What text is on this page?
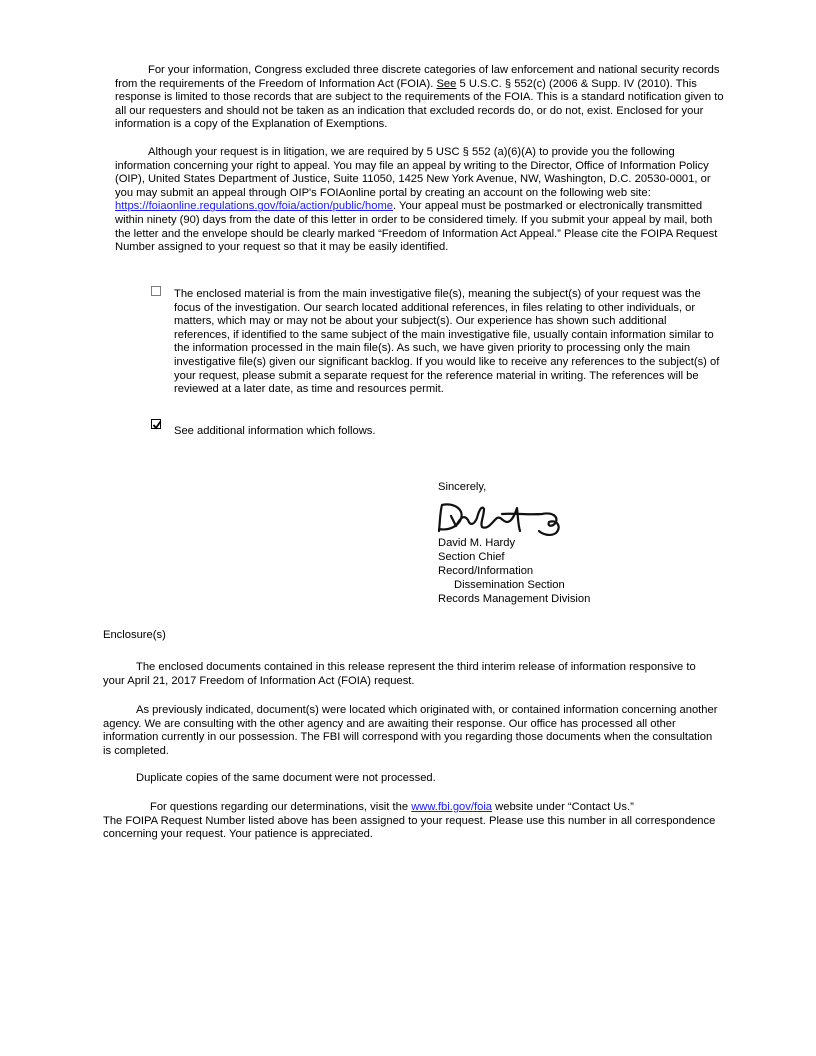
For your information, Congress excluded three discrete categories of law enforcement and national security records from the requirements of the Freedom of Information Act (FOIA). See 5 U.S.C. § 552(c) (2006 & Supp. IV (2010). This response is limited to those records that are subject to the requirements of the FOIA. This is a standard notification given to all our requesters and should not be taken as an indication that excluded records do, or do not, exist. Enclosed for your information is a copy of the Explanation of Exemptions.

Although your request is in litigation, we are required by 5 USC § 552 (a)(6)(A) to provide you the following information concerning your right to appeal. You may file an appeal by writing to the Director, Office of Information Policy (OIP), United States Department of Justice, Suite 11050, 1425 New York Avenue, NW, Washington, D.C. 20530-0001, or you may submit an appeal through OIP's FOIAonline portal by creating an account on the following web site: https://foiaonline.regulations.gov/foia/action/public/home. Your appeal must be postmarked or electronically transmitted within ninety (90) days from the date of this letter in order to be considered timely. If you submit your appeal by mail, both the letter and the envelope should be clearly marked “Freedom of Information Act Appeal.” Please cite the FOIPA Request Number assigned to your request so that it may be easily identified.

The enclosed material is from the main investigative file(s), meaning the subject(s) of your request was the focus of the investigation. Our search located additional references, in files relating to other individuals, or matters, which may or may not be about your subject(s). Our experience has shown such additional references, if identified to the same subject of the main investigative file, usually contain information similar to the information processed in the main file(s). As such, we have given priority to processing only the main investigative file(s) given our significant backlog. If you would like to receive any references to the subject(s) of your request, please submit a separate request for the reference material in writing. The references will be reviewed at a later date, as time and resources permit.

See additional information which follows.

Sincerely,

David M. Hardy

Section Chief

Record/Information

Dissemination Section

Records Management Division

Enclosure(s)

The enclosed documents contained in this release represent the third interim release of information responsive to your April 21, 2017 Freedom of Information Act (FOIA) request.

As previously indicated, document(s) were located which originated with, or contained information concerning another agency. We are consulting with the other agency and are awaiting their response. Our office has processed all other information currently in our possession. The FBI will correspond with you regarding those documents when the consultation is completed.

Duplicate copies of the same document were not processed.

For questions regarding our determinations, visit the www.fbi.gov/foia website under “Contact Us.”
The FOIPA Request Number listed above has been assigned to your request. Please use this number in all correspondence concerning your request. Your patience is appreciated.
